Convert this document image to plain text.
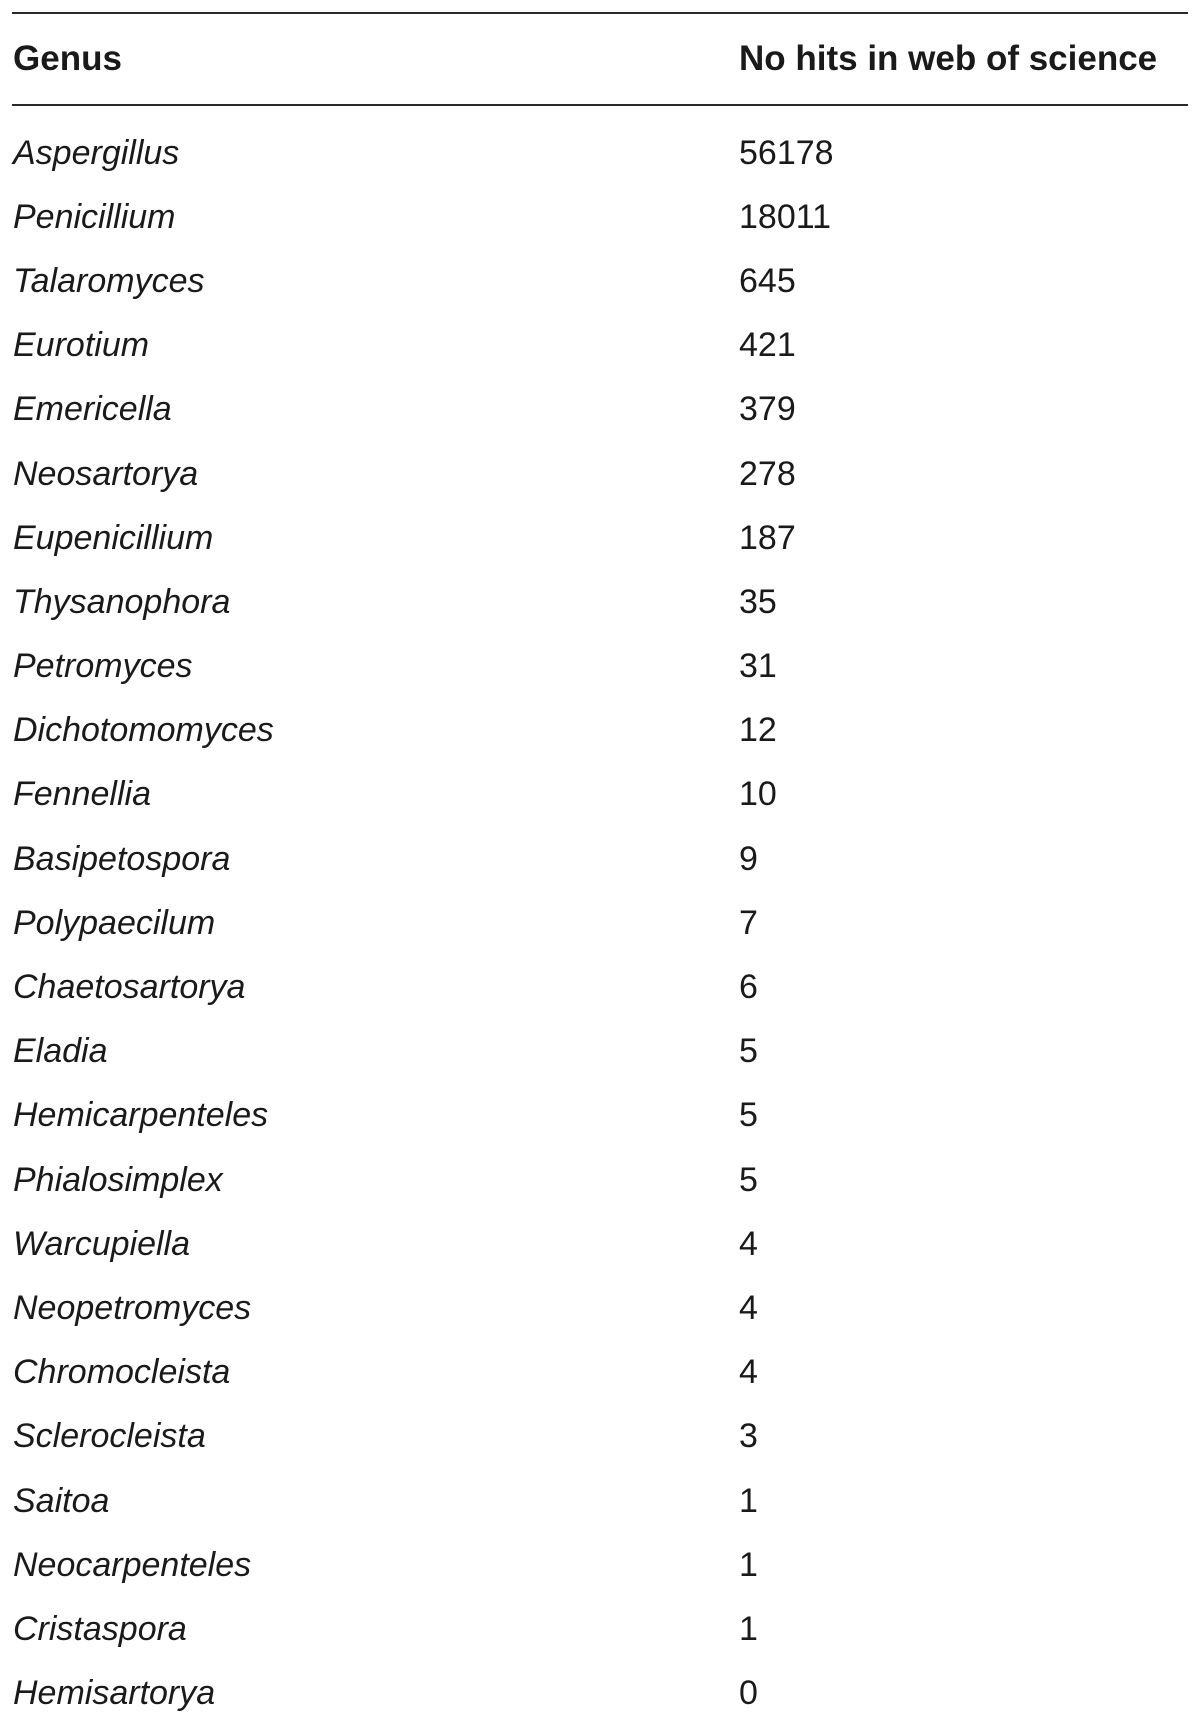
Genus	No hits in web of science
Aspergillus	56178
Penicillium	18011
Talaromyces	645
Eurotium	421
Emericella	379
Neosartorya	278
Eupenicillium	187
Thysanophora	35
Petromyces	31
Dichotomomyces	12
Fennellia	10
Basipetospora	9
Polypaecilum	7
Chaetosartorya	6
Eladia	5
Hemicarpenteles	5
Phialosimplex	5
Warcupiella	4
Neopetromyces	4
Chromocleista	4
Sclerocleista	3
Saitoa	1
Neocarpenteles	1
Cristaspora	1
Hemisartorya	0
